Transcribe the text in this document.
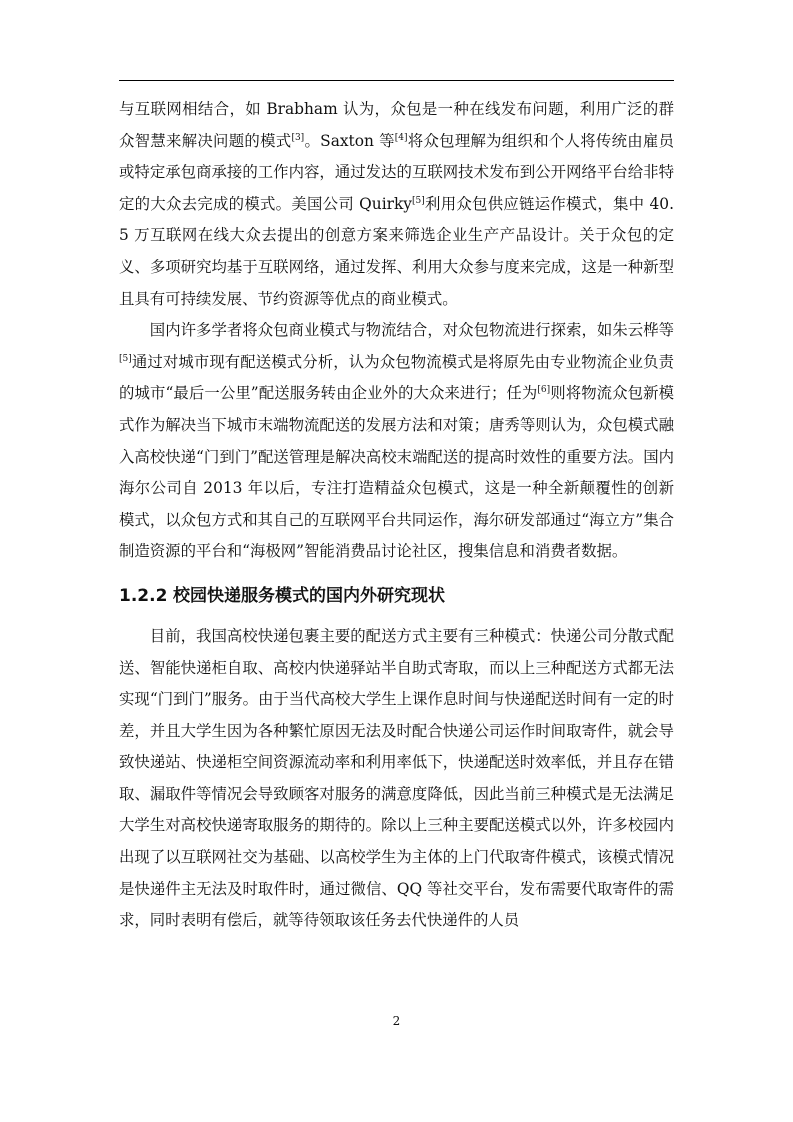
与互联网相结合，如 Brabham 认为，众包是一种在线发布问题，利用广泛的群众智慧来解决问题的模式[3]。Saxton 等[4]将众包理解为组织和个人将传统由雇员或特定承包商承接的工作内容，通过发达的互联网技术发布到公开网络平台给非特定的大众去完成的模式。美国公司 Quirky[5]利用众包供应链运作模式，集中 40.5 万互联网在线大众去提出的创意方案来筛选企业生产产品设计。关于众包的定义、多项研究均基于互联网络，通过发挥、利用大众参与度来完成，这是一种新型且具有可持续发展、节约资源等优点的商业模式。

国内许多学者将众包商业模式与物流结合，对众包物流进行探索，如朱云桦等[5]通过对城市现有配送模式分析，认为众包物流模式是将原先由专业物流企业负责的城市“最后一公里”配送服务转由企业外的大众来进行；任为[6]则将物流众包新模式作为解决当下城市末端物流配送的发展方法和对策；唐秀等则认为，众包模式融入高校快递“门到门”配送管理是解决高校末端配送的提高时效性的重要方法。国内海尔公司自 2013 年以后，专注打造精益众包模式，这是一种全新颠覆性的创新模式，以众包方式和其自己的互联网平台共同运作，海尔研发部通过“海立方”集合制造资源的平台和“海极网”智能消费品讨论社区，搜集信息和消费者数据。

1.2.2 校园快递服务模式的国内外研究现状

目前，我国高校快递包裹主要的配送方式主要有三种模式：快递公司分散式配送、智能快递柜自取、高校内快递驿站半自助式寄取，而以上三种配送方式都无法实现“门到门”服务。由于当代高校大学生上课作息时间与快递配送时间有一定的时差，并且大学生因为各种繁忙原因无法及时配合快递公司运作时间取寄件，就会导致快递站、快递柜空间资源流动率和利用率低下，快递配送时效率低，并且存在错取、漏取件等情况会导致顾客对服务的满意度降低，因此当前三种模式是无法满足大学生对高校快递寄取服务的期待的。除以上三种主要配送模式以外，许多校园内出现了以互联网社交为基础、以高校学生为主体的上门代取寄件模式，该模式情况是快递件主无法及时取件时，通过微信、QQ 等社交平台，发布需要代取寄件的需求，同时表明有偿后，就等待领取该任务去代快递件的人员

2
